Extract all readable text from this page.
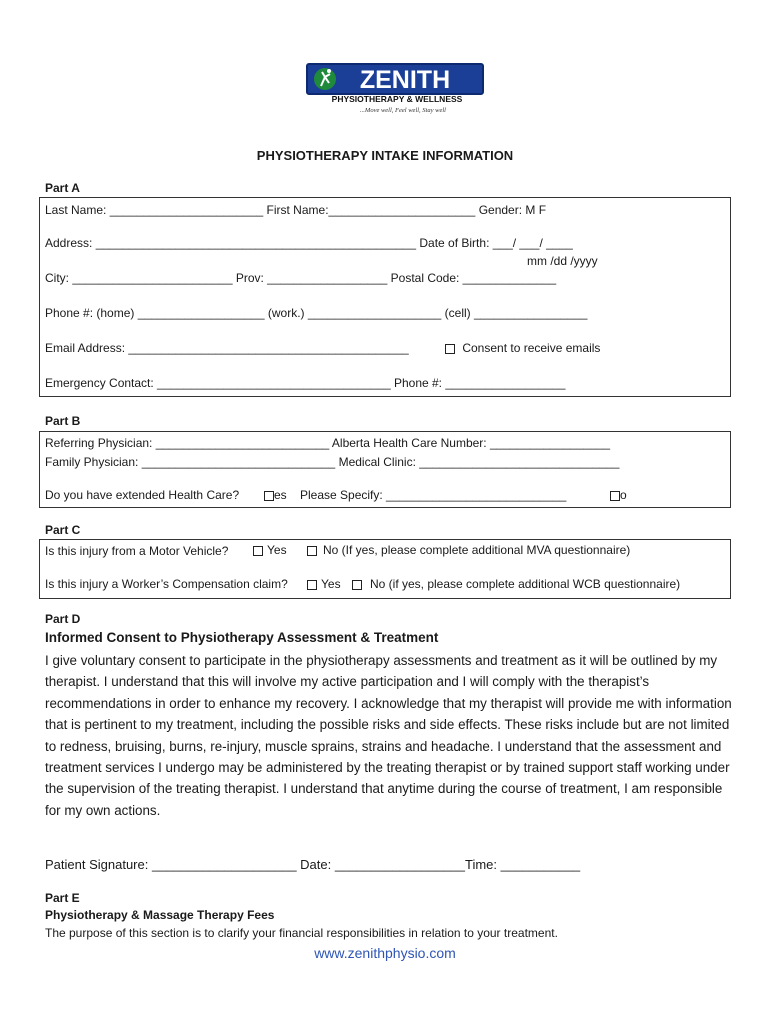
ZENITH
PHYSIOTHERAPY & WELLNESS
...Move well, Feel well, Stay well
PHYSIOTHERAPY INTAKE INFORMATION
Part A
Last Name: _______________________ First Name:______________________ Gender: M F
Address: ________________________________________________ Date of Birth: ___/ ___/ ____
mm /dd /yyyy
City: ________________________ Prov: __________________ Postal Code: ______________
Phone #: (home) ___________________ (work.) ____________________ (cell) _________________
Email Address: __________________________________________	Consent to receive emails
Emergency Contact: ___________________________________ Phone #: __________________
Part B
Referring Physician: __________________________ Alberta Health Care Number: __________________
Family Physician: _____________________________ Medical Clinic: ______________________________
Do you have extended Health Care?	es Please Specify: ___________________________	o
Part C
Is this injury from a Motor Vehicle?	Yes	No (If yes, please complete additional MVA questionnaire)
Is this injury a Worker’s Compensation claim?	Yes	No (if yes, please complete additional WCB questionnaire)
Part D
Informed Consent to Physiotherapy Assessment & Treatment
I give voluntary consent to participate in the physiotherapy assessments and treatment as it will be outlined by my therapist. I understand that this will involve my active participation and I will comply with the therapist’s recommendations in order to enhance my recovery. I acknowledge that my therapist will provide me with information that is pertinent to my treatment, including the possible risks and side effects. These risks include but are not limited to redness, bruising, burns, re-injury, muscle sprains, strains and headache. I understand that the assessment and treatment services I undergo may be administered by the treating therapist or by trained support staff working under the supervision of the treating therapist. I understand that anytime during the course of treatment, I am responsible for my own actions.
Patient Signature: ____________________ Date: __________________Time: ___________
Part E
Physiotherapy & Massage Therapy Fees
The purpose of this section is to clarify your financial responsibilities in relation to your treatment.
www.zenithphysio.com
